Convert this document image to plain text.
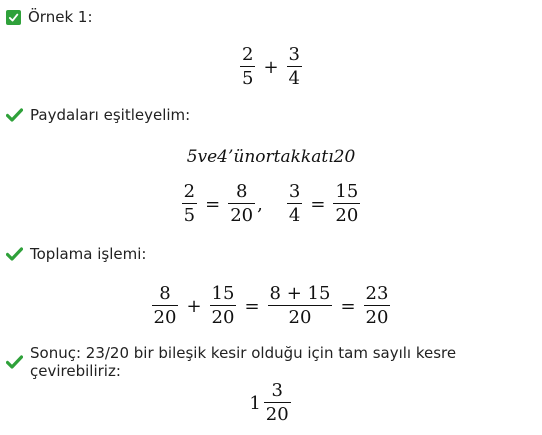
Örnek 1:
$\frac{2}{5} + \frac{3}{4}$
Paydaları eşitleyelim:
5ve4’ünortakkatı20
$\frac{2}{5} = \frac{8}{20}$ , $\frac{3}{4} = \frac{15}{20}$
Toplama işlemi:
$\frac{8}{20} + \frac{15}{20} = \frac{8 + 15}{20} = \frac{23}{20}$
Sonuç: 23/20 bir bileşik kesir olduğu için tam sayılı kesre çevirebiliriz:
$1 \frac{3}{20}$
